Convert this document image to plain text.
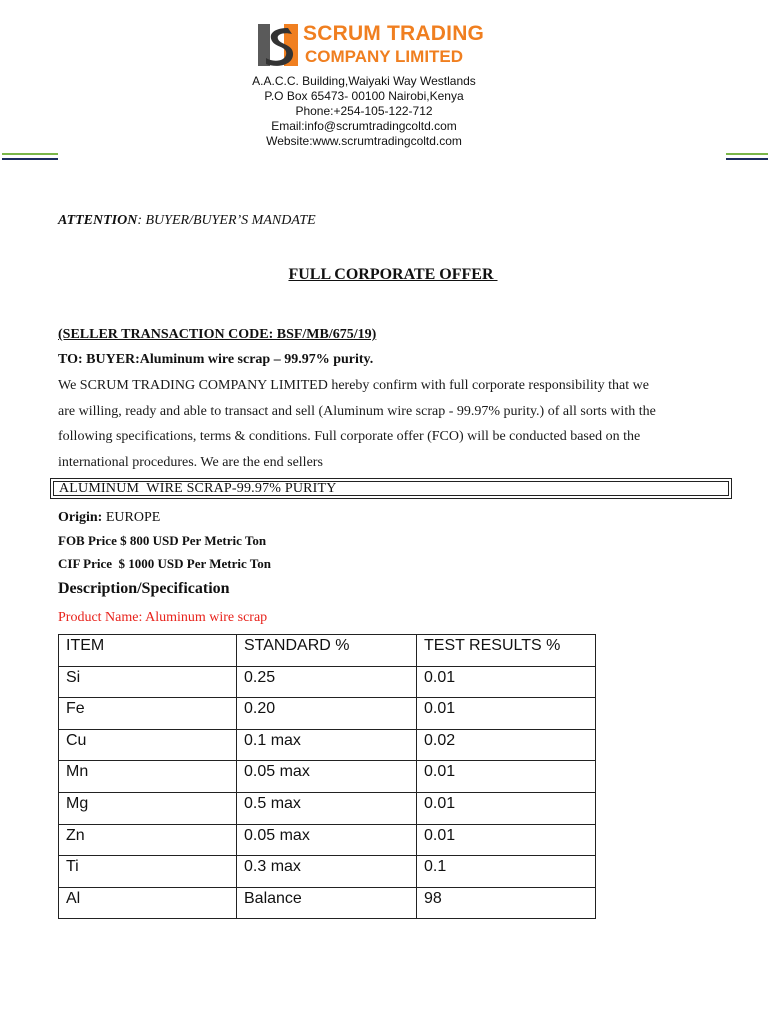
SCRUM TRADING
COMPANY LIMITED
A.A.C.C. Building,Waiyaki Way Westlands
P.O Box 65473- 00100 Nairobi,Kenya
Phone:+254-105-122-712
Email:info@scrumtradingcoltd.com
Website:www.scrumtradingcoltd.com
ATTENTION: BUYER/BUYER’S MANDATE
FULL CORPORATE OFFER
(SELLER TRANSACTION CODE: BSF/MB/675/19)
TO: BUYER:Aluminum wire scrap – 99.97% purity.
We SCRUM TRADING COMPANY LIMITED hereby confirm with full corporate responsibility that we
are willing, ready and able to transact and sell (Aluminum wire scrap - 99.97% purity.) of all sorts with the
following specifications, terms & conditions. Full corporate offer (FCO) will be conducted based on the
international procedures. We are the end sellers
ALUMINUM  WIRE SCRAP-99.97% PURITY
Origin: EUROPE
FOB Price $ 800 USD Per Metric Ton
CIF Price  $ 1000 USD Per Metric Ton
Description/Specification
Product Name: Aluminum wire scrap
ITEM	STANDARD %	TEST RESULTS %

Si	0.25	0.01

Fe	0.20	0.01

Cu	0.1 max	0.02

Mn	0.05 max	0.01

Mg	0.5 max	0.01

Zn	0.05 max	0.01

Ti	0.3 max	0.1

Al	Balance	98
